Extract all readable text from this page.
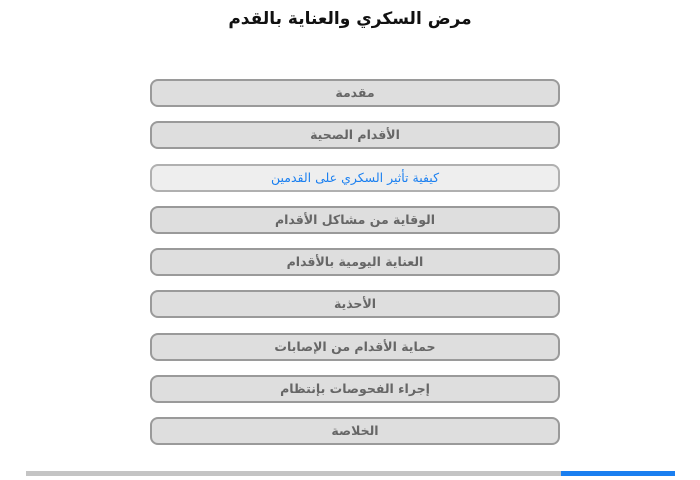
مرض السكري والعناية بالقدم
مقدمة
الأقدام الصحية
كيفية تأثير السكري على القدمين
الوقاية من مشاكل الأقدام
العناية اليومية بالأقدام
الأحذية
حماية الأقدام من الإصابات
إجراء الفحوصات بإنتظام
الخلاصة
